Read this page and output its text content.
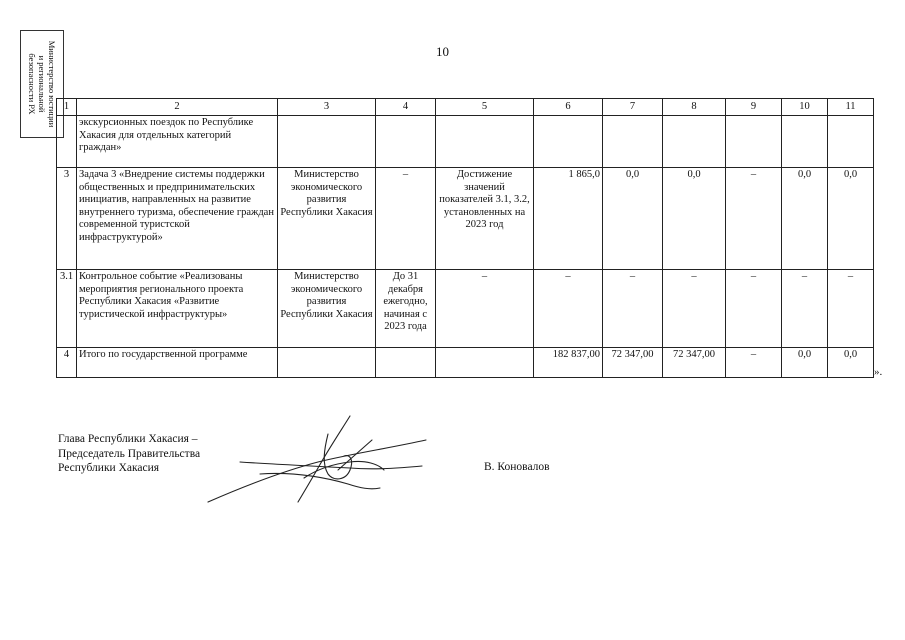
10
Министерство юстиции
и региональной
безопасности РХ	1	2	3	4	5	6	7	8	9	10	11
	экскурсионных поездок по Республике Хакасия для отдельных категорий граждан»									
3	Задача 3 «Внедрение системы поддержки общественных и предпринимательских инициатив, направленных на развитие внутреннего туризма, обеспечение граждан современной туристской инфраструктурой»	Министерство экономического развития Республики Хакасия	–	Достижение значений показателей 3.1, 3.2, установленных на 2023 год	1 865,0	0,0	0,0	–	0,0	0,0
3.1	Контрольное событие «Реализованы мероприятия регионального проекта Республики Хакасия «Развитие туристической инфраструктуры»	Министерство экономического развития Республики Хакасия	До 31 декабря ежегодно, начиная с 2023 года	–	–	–	–	–	–	–
4	Итого по государственной программе				182 837,00	72 347,00	72 347,00	–	0,0	0,0
».
Глава Республики Хакасия –
Председатель Правительства
Республики Хакасия	В. Коновалов
